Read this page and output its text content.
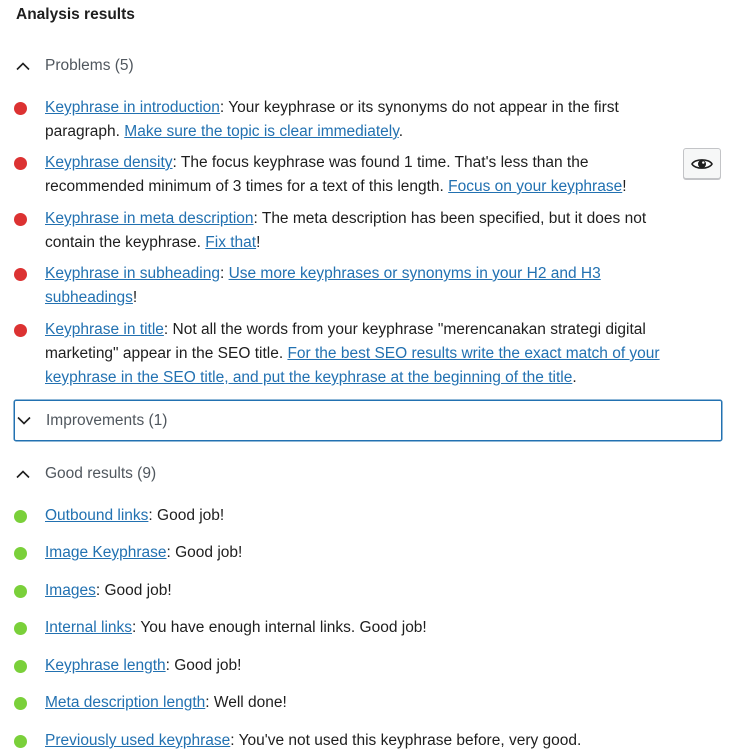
Analysis results
Problems (5)
Keyphrase in introduction: Your keyphrase or its synonyms do not appear in the first paragraph. Make sure the topic is clear immediately.
Keyphrase density: The focus keyphrase was found 1 time. That's less than the recommended minimum of 3 times for a text of this length. Focus on your keyphrase!
Keyphrase in meta description: The meta description has been specified, but it does not contain the keyphrase. Fix that!
Keyphrase in subheading: Use more keyphrases or synonyms in your H2 and H3 subheadings!
Keyphrase in title: Not all the words from your keyphrase "merencanakan strategi digital marketing" appear in the SEO title. For the best SEO results write the exact match of your keyphrase in the SEO title, and put the keyphrase at the beginning of the title.
Improvements (1)
Good results (9)
Outbound links: Good job!
Image Keyphrase: Good job!
Images: Good job!
Internal links: You have enough internal links. Good job!
Keyphrase length: Good job!
Meta description length: Well done!
Previously used keyphrase: You've not used this keyphrase before, very good.
